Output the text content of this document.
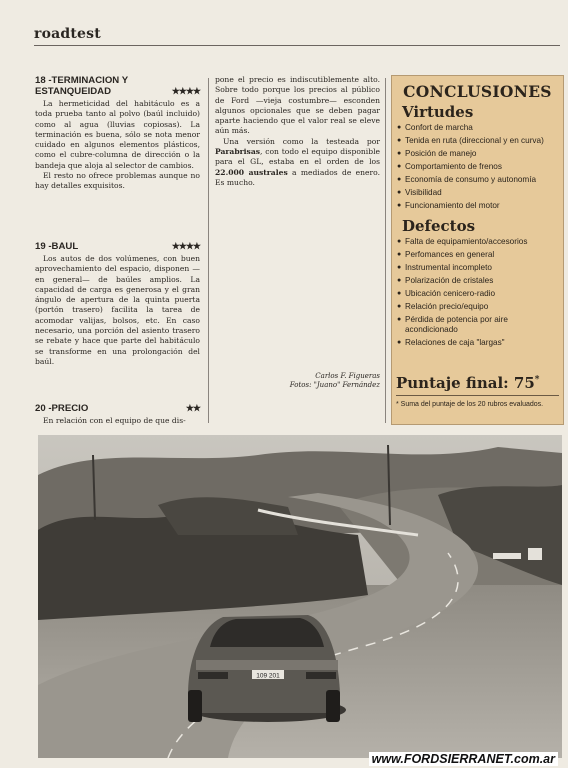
roadtest
18 -TERMINACION Y
ESTANQUEIDAD	★★★★

La hermeticidad del habitáculo es a toda prueba tanto al polvo (baúl incluido) como al agua (lluvias copiosas). La terminación es buena, sólo se nota menor cuidado en algunos elementos plásticos, como el cubre-columna de dirección o la bandeja que aloja al selector de cambios.

El resto no ofrece problemas aunque no hay detalles exquisitos.

19 -BAUL	★★★★

Los autos de dos volúmenes, con buen aprovechamiento del espacio, disponen —en general— de baúles amplios. La capacidad de carga es generosa y el gran ángulo de apertura de la quinta puerta (portón trasero) facilita la tarea de acomodar valijas, bolsos, etc. En caso necesario, una porción del asiento trasero se rebate y hace que parte del habitáculo se transforme en una prolongación del baúl.

20 -PRECIO	★★

En relación con el equipo de que dis-

pone el precio es indiscutiblemente alto. Sobre todo porque los precios al público de Ford —vieja costumbre— esconden algunos opcionales que se deben pagar aparte haciendo que el valor real se eleve aún más.

Una versión como la testeada por Parabrisas, con todo el equipo disponible para el GL, estaba en el orden de los 22.000 australes a mediados de enero. Es mucho.

Carlos F. Figueras
Fotos: "Juano" Fernández
CONCLUSIONES
Virtudes
● Confort de marcha
● Tenida en ruta (direccional y en curva)
● Posición de manejo
● Comportamiento de frenos
● Economía de consumo y autonomía
● Visibilidad
● Funcionamiento del motor
Defectos
● Falta de equipamiento/accesorios
● Perfomances en general
● Instrumental incompleto
● Polarización de cristales
● Ubicación cenicero-radio
● Relación precio/equipo
● Pérdida de potencia por aire acondicionado
● Relaciones de caja "largas"
Puntaje final: 75*
* Suma del puntaje de los 20 rubros evaluados.
109 201
www.FORDSIERRANET.com.ar
